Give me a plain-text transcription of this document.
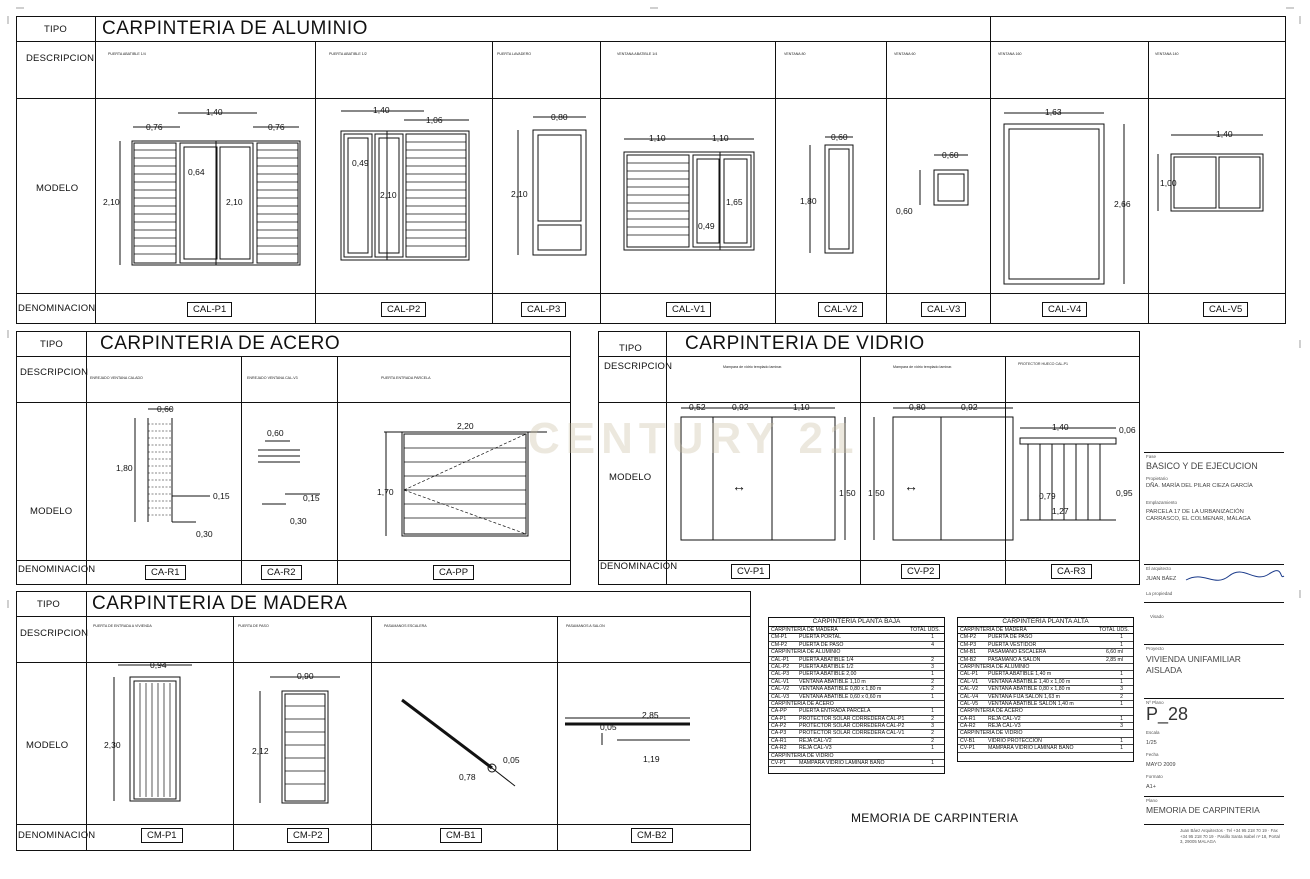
TIPO
DESCRIPCION
MODELO
DENOMINACION
CARPINTERIA DE ALUMINIO
PUERTA ABATIBLE 1/4	PUERTA ABATIBLE 1/2	PUERTA LAVADERO	VENTANA ABATIBLE 1/4	VENTANA 80	VENTANA 60	VENTANA 160	VENTANA 140
1,40
0,76	0,76
0,64
2,10	2,10
1,40
1,06
0,49
2,10
0,80
2,10
1,10	1,10
1,65
0,49
0,60
1,80
0,60
0,60
1,63
2,66
1,40
1,00
CAL-P1	CAL-P2	CAL-P3	CAL-V1	CAL-V2	CAL-V3	CAL-V4	CAL-V5
TIPO
DESCRIPCION
MODELO
DENOMINACION
CARPINTERIA DE ACERO
ENREJADO VENTANA CALADO	ENREJADO VENTANA CAL-V3	PUERTA ENTRADA PARCELA
0,60
1,80
0,15
0,30
0,60
0,15
0,30
2,20
1,70
CA-R1	CA-R2	CA-PP
TIPO
DESCRIPCION
MODELO
DENOMINACION
CARPINTERIA DE VIDRIO
Mampara de vidrio templado laminar.	Mampara de vidrio templado laminar.
PROTECTOR HUECO CAL-P1
0,52	0,92	1,10
1,50
0,80	0,92
1,50
1,40	0,06
0,79	0,95
1,27
↔	↔
CV-P1	CV-P2	CA-R3
TIPO
DESCRIPCION
MODELO
DENOMINACION
CARPINTERIA DE MADERA
PUERTA DE ENTRADA A VIVIENDA	PUERTA DE PASO	PASAMANOS ESCALERA	PASAMANOS A SALON
0,94
2,30
0,90
2,12
0,05
0,78
2,85
0,05
1,19
CM-P1	CM-P2	CM-B1	CM-B2
CARPINTERÍA PLANTA BAJA
CARPINTERIA DE MADERA	TOTAL UDS.
CM-P1	PUERTA PORTAL	1
CM-P2	PUERTA DE PASO	4
CARPINTERIA DE ALUMINIO
CAL-P1	PUERTA ABATIBLE 1/4	2
CAL-P2	PUERTA ABATIBLE 1/2	3
CAL-P3	PUERTA ABATIBLE 2,00	1
CAL-V1	VENTANA ABATIBLE 1,10 m	2
CAL-V2	VENTANA ABATIBLE 0,80 x 1,80 m	2
CAL-V3	VENTANA ABATIBLE 0,60 x 0,60 m	1
CARPINTERIA DE ACERO
CA-PP	PUERTA ENTRADA PARCELA	1
CA-P1	PROTECTOR SOLAR CORREDERA CAL-P1	2
CA-P2	PROTECTOR SOLAR CORREDERA CAL-P2	3
CA-P3	PROTECTOR SOLAR CORREDERA CAL-V1	2
CA-R1	REJA CAL-V2	2
CA-R2	REJA CAL-V3	1
CARPINTERIA DE VIDRIO
CV-P1	MAMPARA VIDRIO LAMINAR BAÑO	1
CARPINTERÍA PLANTA ALTA
CARPINTERIA DE MADERA	TOTAL UDS.
CM-P2	PUERTA DE PASO	1
CM-P3	PUERTA VESTIDOR	1
CM-B1	PASAMANO ESCALERA	6,60 ml
CM-B2	PASAMANO A SALON	2,85 ml
CARPINTERIA DE ALUMINIO
CAL-P1	PUERTA ABATIBLE 1,40 m	1
CAL-V1	VENTANA ABATIBLE 1,40 x 1,00 m	1
CAL-V2	VENTANA ABATIBLE 0,80 x 1,80 m	3
CAL-V4	VENTANA FIJA SALON 1,63 m	2
CAL-V5	VENTANA ABATIBLE SALON 1,40 m	1
CARPINTERIA DE ACERO
CA-R1	REJA CAL-V2	1
CA-R2	REJA CAL-V3	3
CARPINTERIA DE VIDRIO
CV-B1	VIDRIO PROTECCION	1
CV-P1	MAMPARA VIDRIO LAMINAR BAÑO	1
MEMORIA DE CARPINTERIA
CENTURY 21	Fase
BASICO Y DE EJECUCION
Propietario
DÑA. MARÍA DEL PILAR CIEZA GARCÍA
Emplazamiento
PARCELA 17 DE LA URBANIZACIÓN CARRASCO, EL COLMENAR, MÁLAGA
El arquitecto
JUAN BÁEZ
La propiedad
Visado
Proyecto
VIVIENDA UNIFAMILIAR AISLADA
Nº Plano
P_28
Escala
1/25
Fecha
MAYO 2009
Formato
A1+
Plano
MEMORIA DE CARPINTERIA
Juan Báez Arquitectos · Tel +34 95 218 70 19 · Fax +34 95 218 70 19 · Pasillo Santa Isabel nº 18, Portal 3, 29005 MALAGA
